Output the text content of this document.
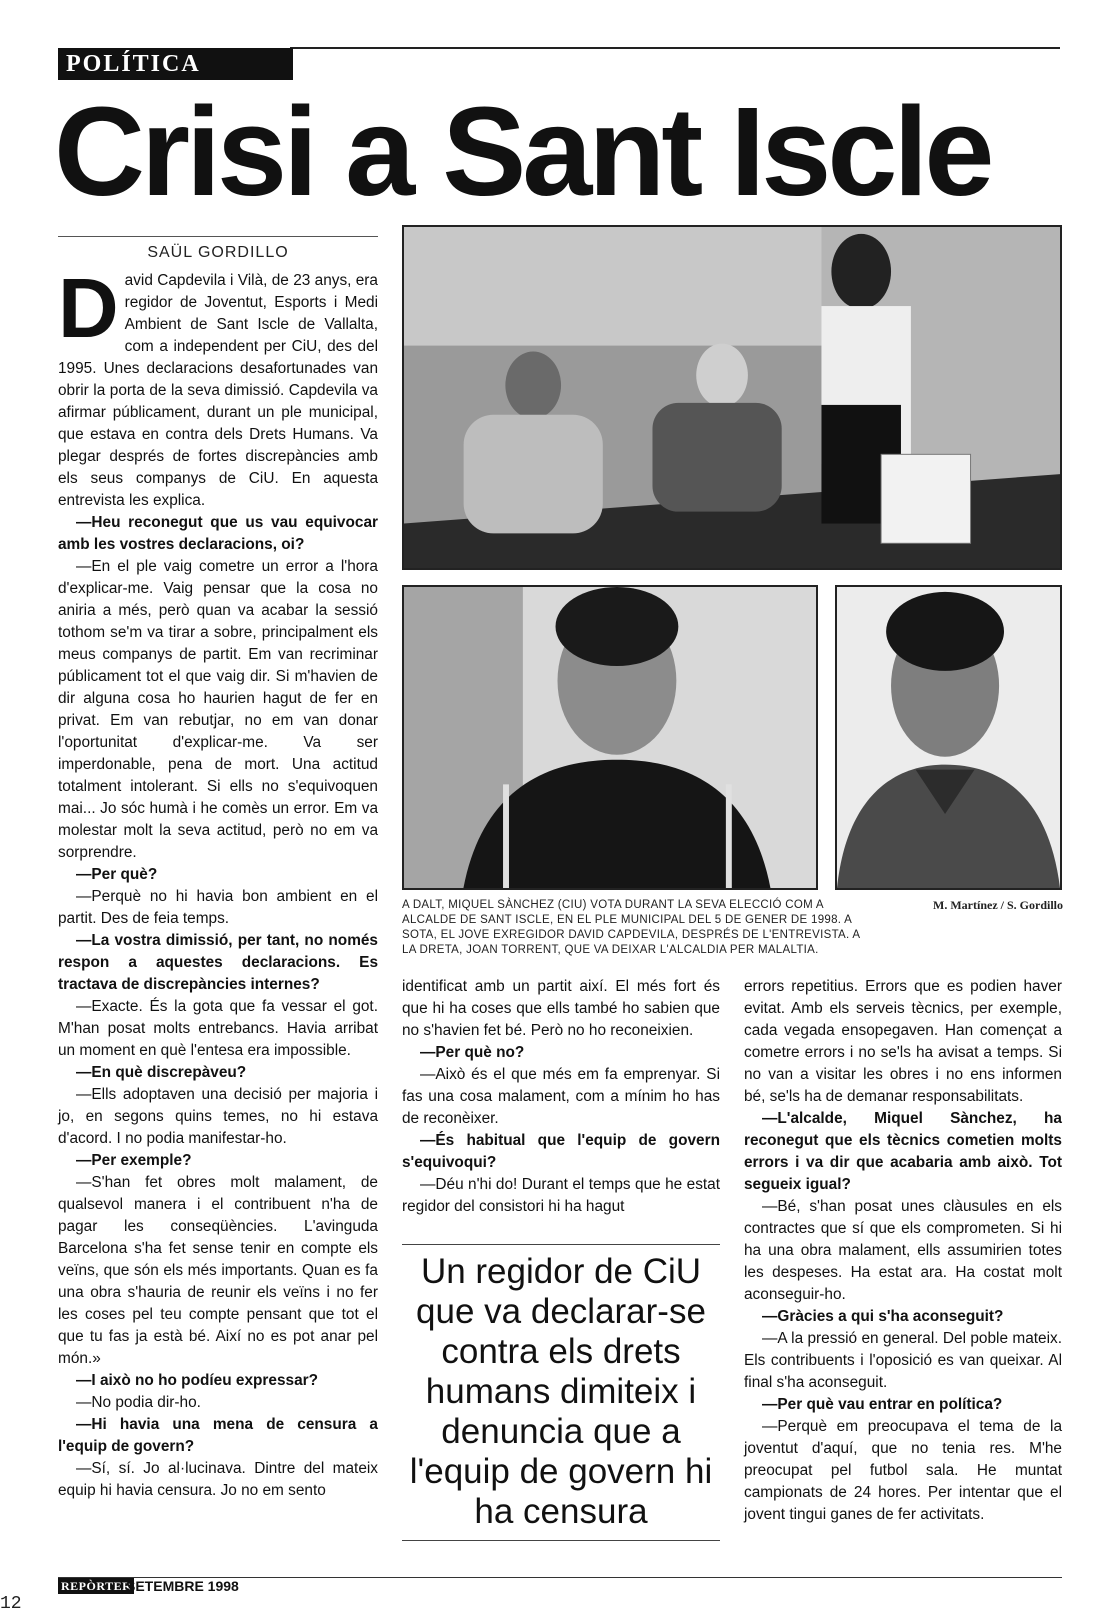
POLÍTICA
Crisi a Sant Iscle
SAÜL GORDILLO

David Capdevila i Vilà, de 23 anys, era regidor de Joventut, Esports i Medi Ambient de Sant Iscle de Vallalta, com a independent per CiU, des del 1995. Unes declaracions desafortunades van obrir la porta de la seva dimissió. Capdevila va afirmar públicament, durant un ple municipal, que estava en contra dels Drets Humans. Va plegar després de fortes discrepàncies amb els seus companys de CiU. En aquesta entrevista les explica.

—Heu reconegut que us vau equivocar amb les vostres declaracions, oi?

—En el ple vaig cometre un error a l'hora d'explicar-me. Vaig pensar que la cosa no aniria a més, però quan va acabar la sessió tothom se'm va tirar a sobre, principalment els meus companys de partit. Em van recriminar públicament tot el que vaig dir. Si m'havien de dir alguna cosa ho haurien hagut de fer en privat. Em van rebutjar, no em van donar l'oportunitat d'explicar-me. Va ser imperdonable, pena de mort. Una actitud totalment intolerant. Si ells no s'equivoquen mai... Jo sóc humà i he comès un error. Em va molestar molt la seva actitud, però no em va sorprendre.

—Per què?

—Perquè no hi havia bon ambient en el partit. Des de feia temps.

—La vostra dimissió, per tant, no només respon a aquestes declaracions. Es tractava de discrepàncies internes?

—Exacte. És la gota que fa vessar el got. M'han posat molts entrebancs. Havia arribat un moment en què l'entesa era impossible.

—En què discrepàveu?

—Ells adoptaven una decisió per majoria i jo, en segons quins temes, no hi estava d'acord. I no podia manifestar-ho.

—Per exemple?

—S'han fet obres molt malament, de qualsevol manera i el contribuent n'ha de pagar les conseqüències. L'avinguda Barcelona s'ha fet sense tenir en compte els veïns, que són els més importants. Quan es fa una obra s'hauria de reunir els veïns i no fer les coses pel teu compte pensant que tot el que tu fas ja està bé. Així no es pot anar pel món.»

—I això no ho podíeu expressar?

—No podia dir-ho.

—Hi havia una mena de censura a l'equip de govern?

—Sí, sí. Jo al·lucinava. Dintre del mateix equip hi havia censura. Jo no em sento

A DALT, MIQUEL SÀNCHEZ (CIU) VOTA DURANT LA SEVA ELECCIÓ COM A ALCALDE DE SANT ISCLE, EN EL PLE MUNICIPAL DEL 5 DE GENER DE 1998. A SOTA, EL JOVE EXREGIDOR DAVID CAPDEVILA, DESPRÉS DE L'ENTREVISTA. A LA DRETA, JOAN TORRENT, QUE VA DEIXAR L'ALCALDIA PER MALALTIA.
M. Martínez / S. Gordillo

identificat amb un partit així. El més fort és que hi ha coses que ells també ho sabien que no s'havien fet bé. Però no ho reconeixien.

—Per què no?

—Això és el que més em fa emprenyar. Si fas una cosa malament, com a mínim ho has de reconèixer.

—És habitual que l'equip de govern s'equivoqui?

—Déu n'hi do! Durant el temps que he estat regidor del consistori hi ha hagut

Un regidor de CiU que va declarar-se contra els drets humans dimiteix i denuncia que a l'equip de govern hi ha censura

errors repetitius. Errors que es podien haver evitat. Amb els serveis tècnics, per exemple, cada vegada ensopegaven. Han començat a cometre errors i no se'ls ha avisat a temps. Si no van a visitar les obres i no ens informen bé, se'ls ha de demanar responsabilitats.

—L'alcalde, Miquel Sànchez, ha reconegut que els tècnics cometien molts errors i va dir que acabaria amb això. Tot segueix igual?

—Bé, s'han posat unes clàusules en els contractes que sí que els comprometen. Si hi ha una obra malament, ells assumirien totes les despeses. Ha estat ara. Ha costat molt aconseguir-ho.

—Gràcies a qui s'ha aconseguit?

—A la pressió en general. Del poble mateix. Els contribuents i l'oposició es van queixar. Al final s'ha aconseguit.

—Per què vau entrar en política?

—Perquè em preocupava el tema de la joventut d'aquí, que no tenia res. M'he preocupat pel futbol sala. He muntat campionats de 24 hores. Per intentar que el jovent tingui ganes de fer activitats.

12
REPÒRTER
SETEMBRE 1998
